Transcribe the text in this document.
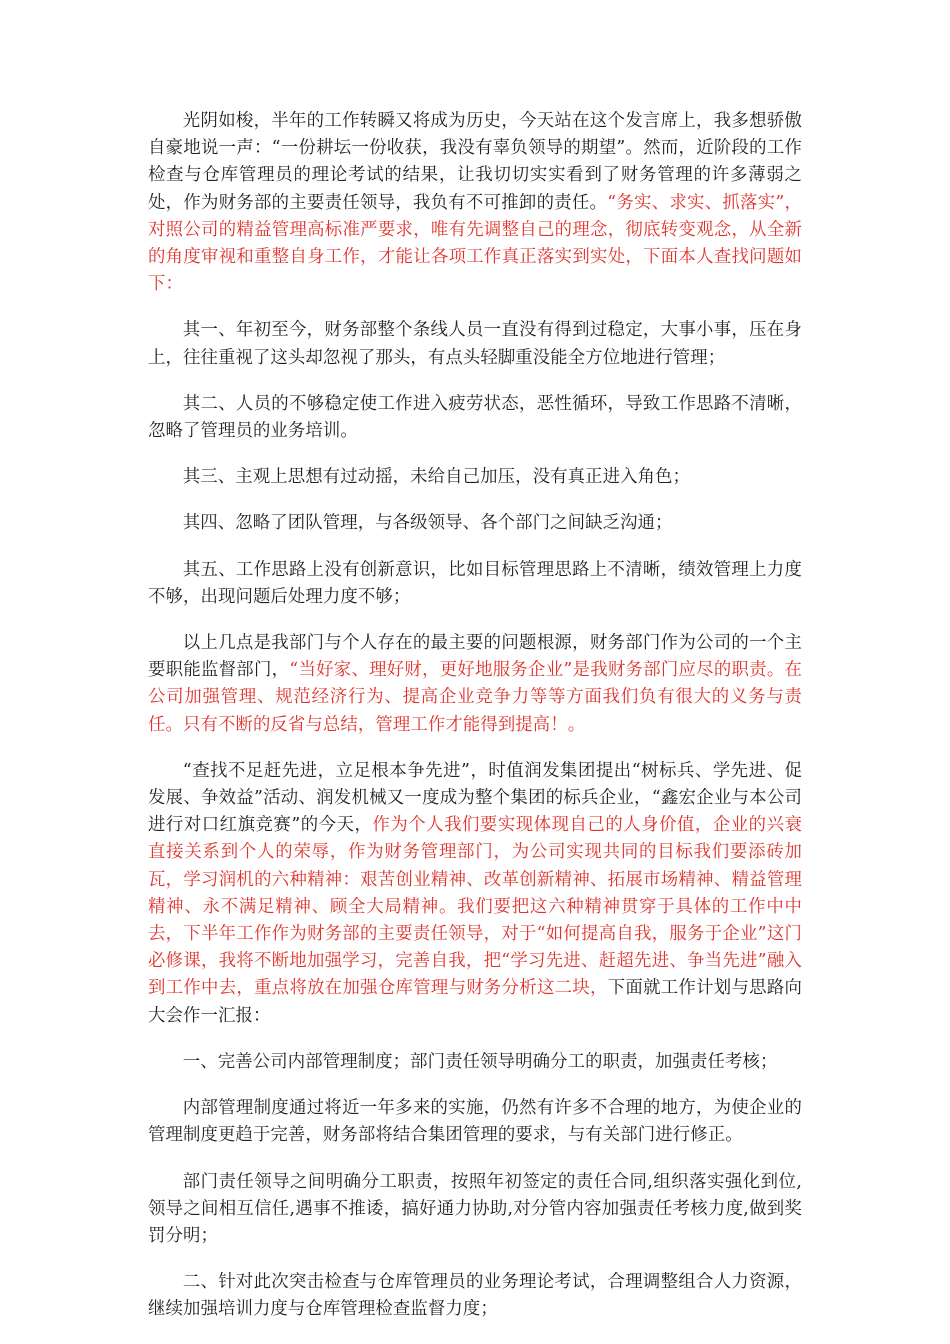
光阴如梭，半年的工作转瞬又将成为历史，今天站在这个发言席上，我多想骄傲自豪地说一声：“一份耕坛一份收获，我没有辜负领导的期望”。然而，近阶段的工作检查与仓库管理员的理论考试的结果，让我切切实实看到了财务管理的许多薄弱之处，作为财务部的主要责任领导，我负有不可推卸的责任。“务实、求实、抓落实”，对照公司的精益管理高标准严要求，唯有先调整自己的理念，彻底转变观念，从全新的角度审视和重整自身工作，才能让各项工作真正落实到实处，下面本人查找问题如下：

其一、年初至今，财务部整个条线人员一直没有得到过稳定，大事小事，压在身上，往往重视了这头却忽视了那头，有点头轻脚重没能全方位地进行管理；

其二、人员的不够稳定使工作进入疲劳状态，恶性循环，导致工作思路不清晰，忽略了管理员的业务培训。

其三、主观上思想有过动摇，未给自己加压，没有真正进入角色；

其四、忽略了团队管理，与各级领导、各个部门之间缺乏沟通；

其五、工作思路上没有创新意识，比如目标管理思路上不清晰，绩效管理上力度不够，出现问题后处理力度不够；

以上几点是我部门与个人存在的最主要的问题根源，财务部门作为公司的一个主要职能监督部门，“当好家、理好财，更好地服务企业”是我财务部门应尽的职责。在公司加强管理、规范经济行为、提高企业竞争力等等方面我们负有很大的义务与责任。只有不断的反省与总结，管理工作才能得到提高！。

“查找不足赶先进，立足根本争先进”，时值润发集团提出“树标兵、学先进、促发展、争效益”活动、润发机械又一度成为整个集团的标兵企业，“鑫宏企业与本公司进行对口红旗竞赛”的今天，作为个人我们要实现体现自己的人身价值，企业的兴衰直接关系到个人的荣辱，作为财务管理部门，为公司实现共同的目标我们要添砖加瓦，学习润机的六种精神：艰苦创业精神、改革创新精神、拓展市场精神、精益管理精神、永不满足精神、顾全大局精神。我们要把这六种精神贯穿于具体的工作中中去，下半年工作作为财务部的主要责任领导，对于“如何提高自我，服务于企业”这门必修课，我将不断地加强学习，完善自我，把“学习先进、赶超先进、争当先进”融入到工作中去，重点将放在加强仓库管理与财务分析这二块，下面就工作计划与思路向大会作一汇报：

一、完善公司内部管理制度；部门责任领导明确分工的职责，加强责任考核；

内部管理制度通过将近一年多来的实施，仍然有许多不合理的地方，为使企业的管理制度更趋于完善，财务部将结合集团管理的要求，与有关部门进行修正。

部门责任领导之间明确分工职责，按照年初签定的责任合同,组织落实强化到位,领导之间相互信任,遇事不推诿，搞好通力协助,对分管内容加强责任考核力度,做到奖罚分明；

二、针对此次突击检查与仓库管理员的业务理论考试，合理调整组合人力资源，继续加强培训力度与仓库管理检查监督力度；
